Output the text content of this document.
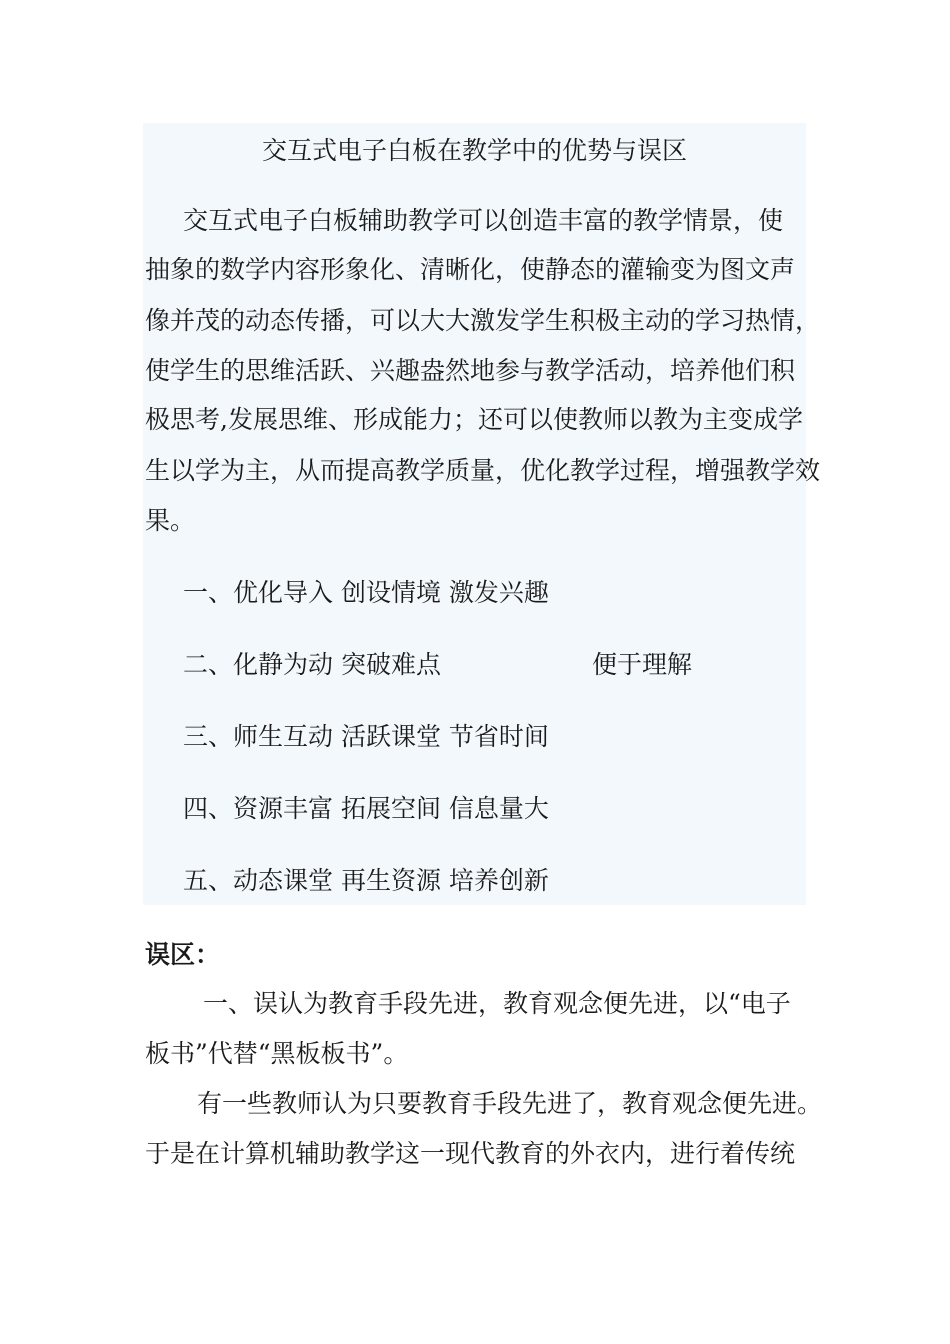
交互式电子白板在教学中的优势与误区
交互式电子白板辅助教学可以创造丰富的教学情景，使
抽象的数学内容形象化、清晰化，使静态的灌输变为图文声
像并茂的动态传播，可以大大激发学生积极主动的学习热情，
使学生的思维活跃、兴趣盎然地参与教学活动，培养他们积
极思考,发展思维、形成能力；还可以使教师以教为主变成学
生以学为主，从而提高教学质量，优化教学过程，增强教学效
果。
一、优化导入 创设情境 激发兴趣
二、化静为动 突破难点	便于理解
三、师生互动 活跃课堂 节省时间
四、资源丰富 拓展空间 信息量大
五、动态课堂 再生资源 培养创新
误区：
一、误认为教育手段先进，教育观念便先进，以“电子
板书”代替“黑板板书”。
有一些教师认为只要教育手段先进了，教育观念便先进。
于是在计算机辅助教学这一现代教育的外衣内，进行着传统
